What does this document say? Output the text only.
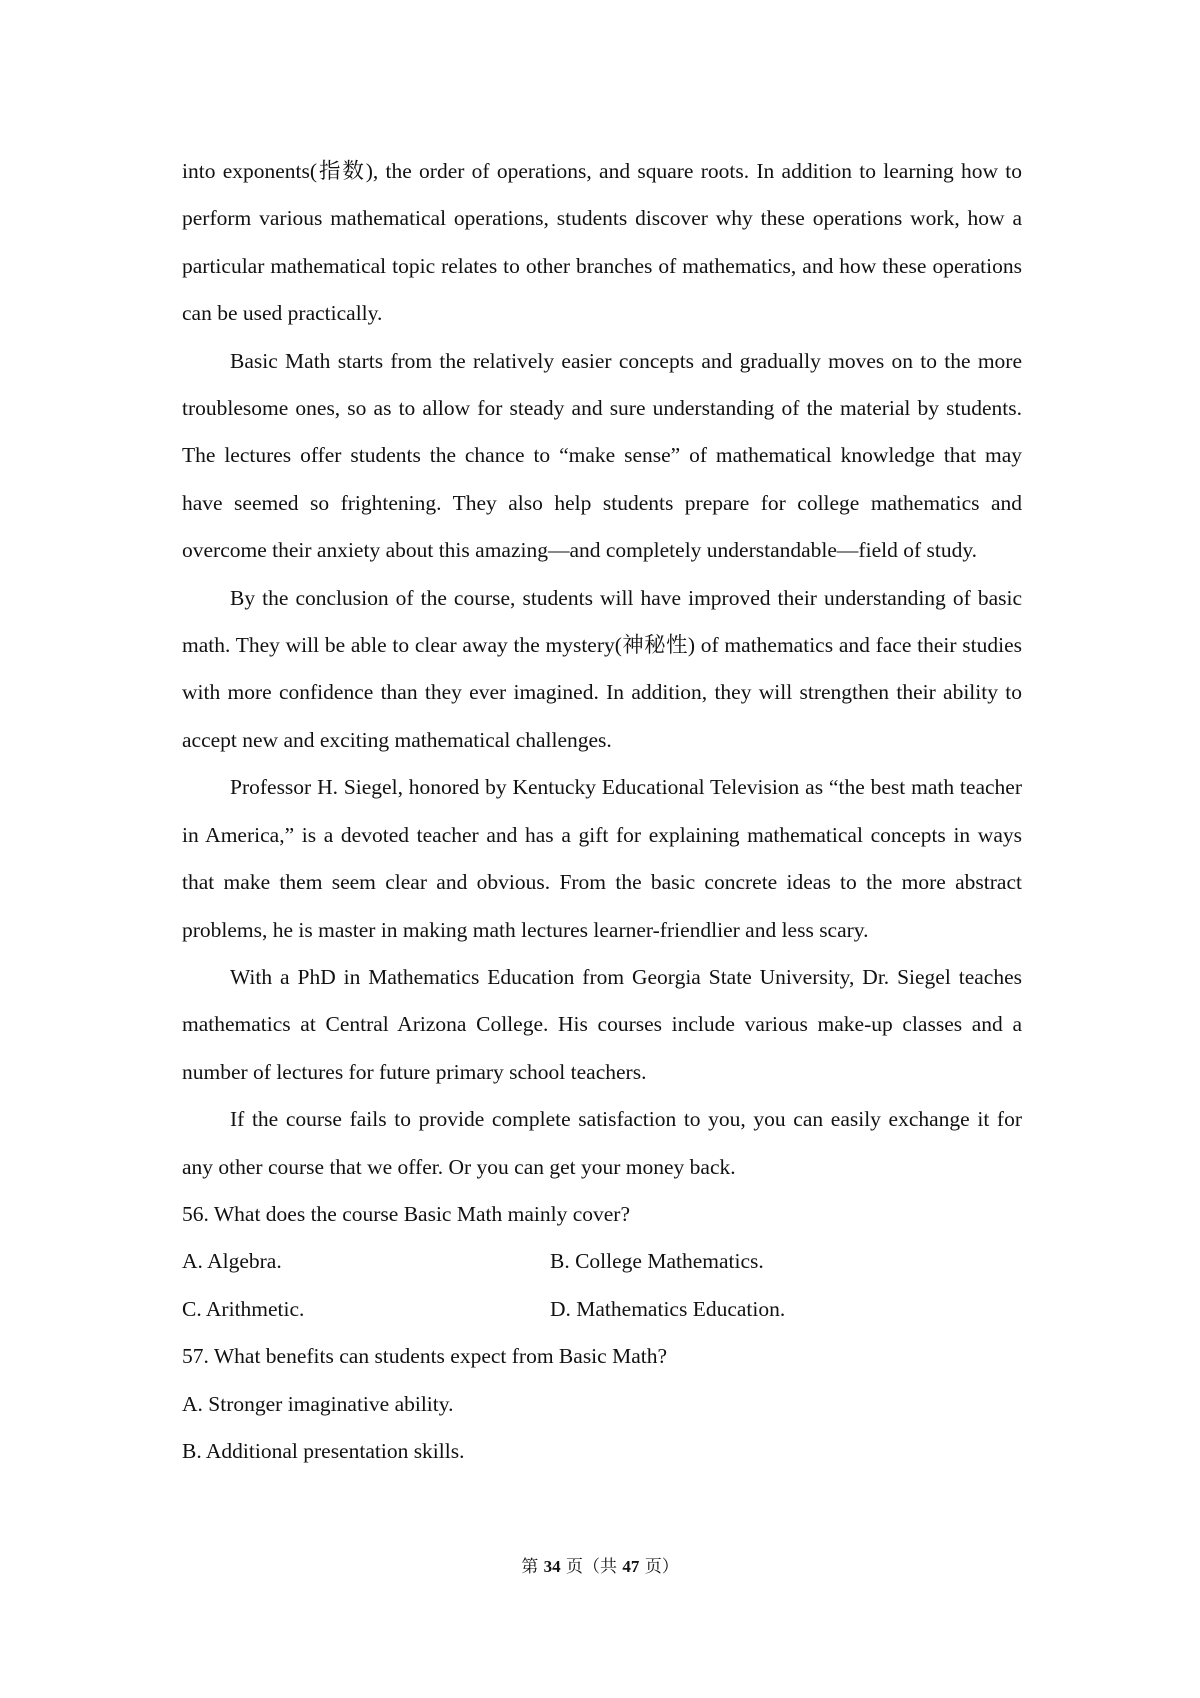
into exponents(指数), the order of operations, and square roots. In addition to learning how to perform various mathematical operations, students discover why these operations work, how a particular mathematical topic relates to other branches of mathematics, and how these operations can be used practically.

Basic Math starts from the relatively easier concepts and gradually moves on to the more troublesome ones, so as to allow for steady and sure understanding of the material by students. The lectures offer students the chance to “make sense” of mathematical knowledge that may have seemed so frightening. They also help students prepare for college mathematics and overcome their anxiety about this amazing—and completely understandable—field of study.

By the conclusion of the course, students will have improved their understanding of basic math. They will be able to clear away the mystery(神秘性) of mathematics and face their studies with more confidence than they ever imagined. In addition, they will strengthen their ability to accept new and exciting mathematical challenges.

Professor H. Siegel, honored by Kentucky Educational Television as “the best math teacher in America,” is a devoted teacher and has a gift for explaining mathematical concepts in ways that make them seem clear and obvious. From the basic concrete ideas to the more abstract problems, he is master in making math lectures learner-friendlier and less scary.

With a PhD in Mathematics Education from Georgia State University, Dr. Siegel teaches mathematics at Central Arizona College. His courses include various make-up classes and a number of lectures for future primary school teachers.

If the course fails to provide complete satisfaction to you, you can easily exchange it for any other course that we offer. Or you can get your money back.

56. What does the course Basic Math mainly cover?

A. Algebra.	B. College Mathematics.
C. Arithmetic.	D. Mathematics Education.

57. What benefits can students expect from Basic Math?

A. Stronger imaginative ability.
B. Additional presentation skills.
第 34 页（共 47 页）
